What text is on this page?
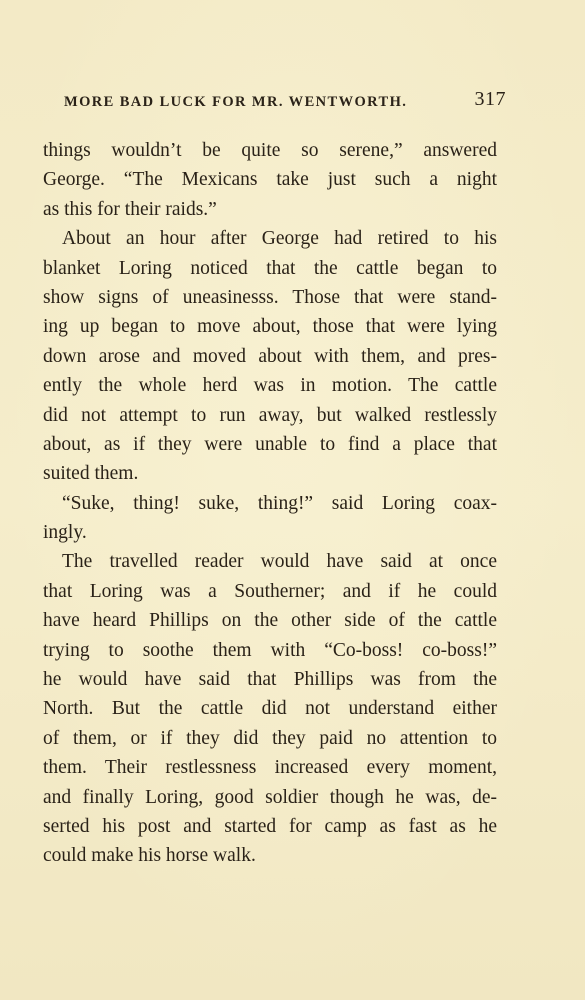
MORE BAD LUCK FOR MR. WENTWORTH.	317
things wouldn’t be quite so serene,” answered
George. “The Mexicans take just such a night
as this for their raids.”
About an hour after George had retired to his
blanket Loring noticed that the cattle began to
show signs of uneasinesss. Those that were stand-
ing up began to move about, those that were lying
down arose and moved about with them, and pres-
ently the whole herd was in motion. The cattle
did not attempt to run away, but walked restlessly
about, as if they were unable to find a place that
suited them.
“Suke, thing! suke, thing!” said Loring coax-
ingly.
The travelled reader would have said at once
that Loring was a Southerner; and if he could
have heard Phillips on the other side of the cattle
trying to soothe them with “Co-boss! co-boss!”
he would have said that Phillips was from the
North. But the cattle did not understand either
of them, or if they did they paid no attention to
them. Their restlessness increased every moment,
and finally Loring, good soldier though he was, de-
serted his post and started for camp as fast as he
could make his horse walk.
